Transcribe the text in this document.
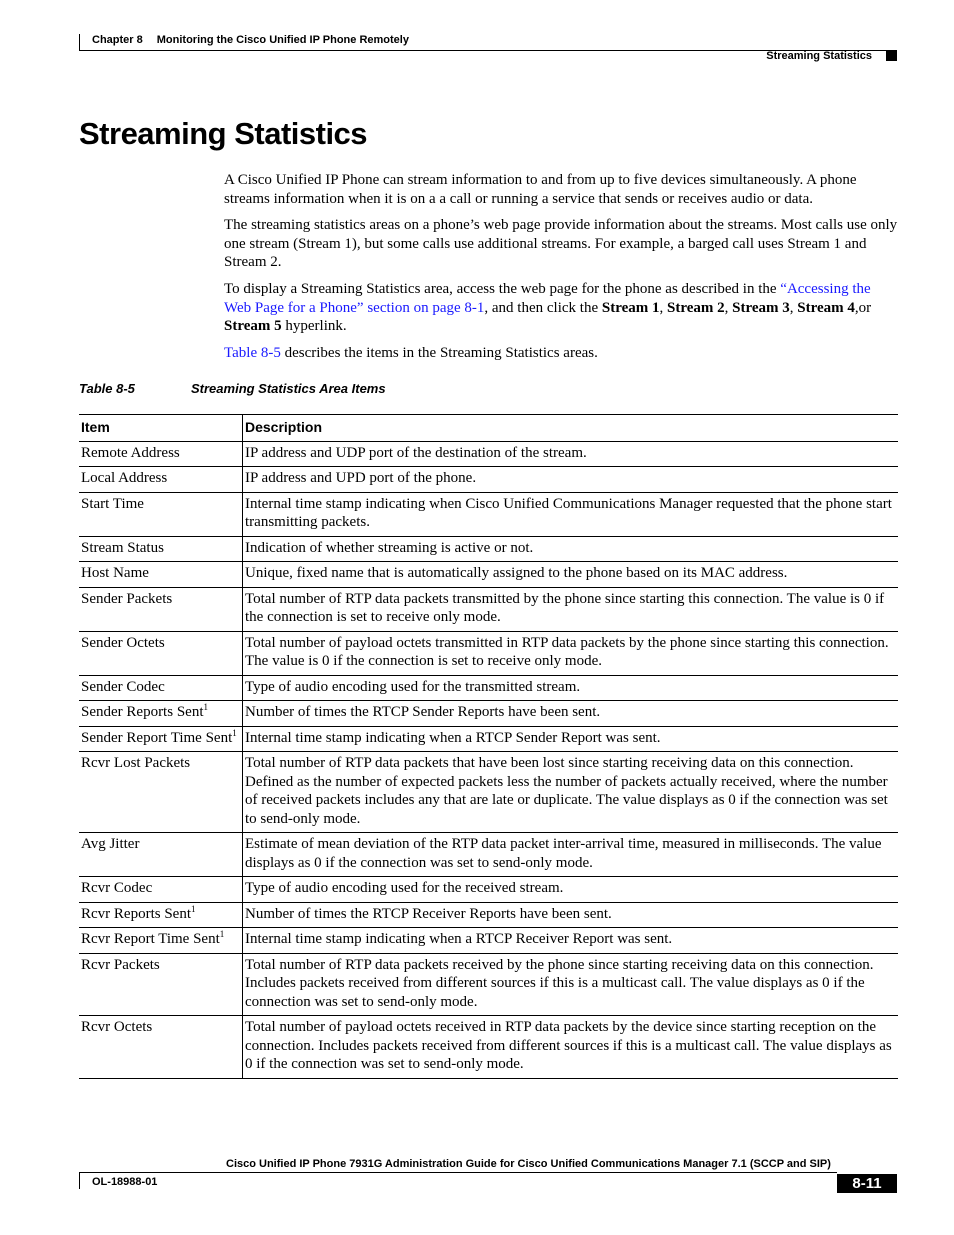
Chapter 8 Monitoring the Cisco Unified IP Phone Remotely
Streaming Statistics
Streaming Statistics

A Cisco Unified IP Phone can stream information to and from up to five devices simultaneously. A phone streams information when it is on a a call or running a service that sends or receives audio or data.

The streaming statistics areas on a phone’s web page provide information about the streams. Most calls use only one stream (Stream 1), but some calls use additional streams. For example, a barged call uses Stream 1 and Stream 2.

To display a Streaming Statistics area, access the web page for the phone as described in the “Accessing the Web Page for a Phone” section on page 8-1, and then click the Stream 1, Stream 2, Stream 3, Stream 4,or Stream 5 hyperlink.

Table 8-5 describes the items in the Streaming Statistics areas.

Table 8-5	Streaming Statistics Area Items
Item	Description
Remote Address	IP address and UDP port of the destination of the stream.
Local Address	IP address and UPD port of the phone.
Start Time	Internal time stamp indicating when Cisco Unified Communications Manager requested that the phone start transmitting packets.
Stream Status	Indication of whether streaming is active or not.
Host Name	Unique, fixed name that is automatically assigned to the phone based on its MAC address.
Sender Packets	Total number of RTP data packets transmitted by the phone since starting this connection. The value is 0 if the connection is set to receive only mode.
Sender Octets	Total number of payload octets transmitted in RTP data packets by the phone since starting this connection. The value is 0 if the connection is set to receive only mode.
Sender Codec	Type of audio encoding used for the transmitted stream.
Sender Reports Sent$^1$	Number of times the RTCP Sender Reports have been sent.
Sender Report Time Sent$^1$	Internal time stamp indicating when a RTCP Sender Report was sent.
Rcvr Lost Packets	Total number of RTP data packets that have been lost since starting receiving data on this connection. Defined as the number of expected packets less the number of packets actually received, where the number of received packets includes any that are late or duplicate. The value displays as 0 if the connection was set to send-only mode.
Avg Jitter	Estimate of mean deviation of the RTP data packet inter-arrival time, measured in milliseconds. The value displays as 0 if the connection was set to send-only mode.
Rcvr Codec	Type of audio encoding used for the received stream.
Rcvr Reports Sent$^1$	Number of times the RTCP Receiver Reports have been sent.
Rcvr Report Time Sent$^1$	Internal time stamp indicating when a RTCP Receiver Report was sent.
Rcvr Packets	Total number of RTP data packets received by the phone since starting receiving data on this connection. Includes packets received from different sources if this is a multicast call. The value displays as 0 if the connection was set to send-only mode.
Rcvr Octets	Total number of payload octets received in RTP data packets by the device since starting reception on the connection. Includes packets received from different sources if this is a multicast call. The value displays as 0 if the connection was set to send-only mode.
Cisco Unified IP Phone 7931G Administration Guide for Cisco Unified Communications Manager 7.1 (SCCP and SIP)
OL-18988-01	8-11
